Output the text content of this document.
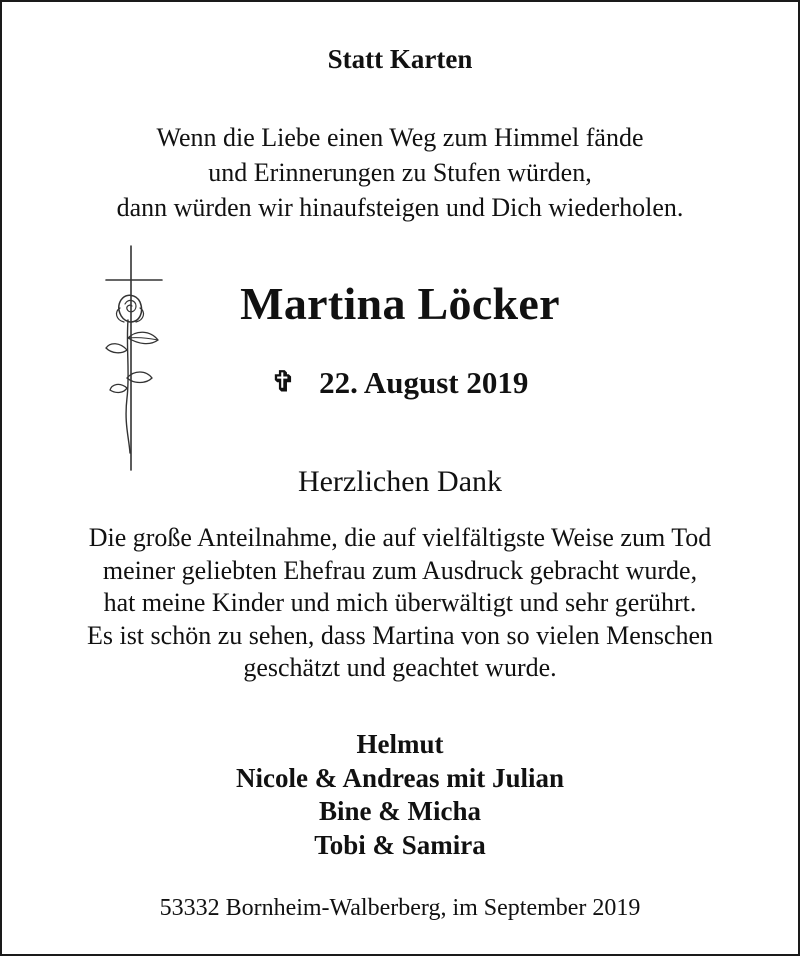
Statt Karten
Wenn die Liebe einen Weg zum Himmel fände
und Erinnerungen zu Stufen würden,
dann würden wir hinaufsteigen und Dich wiederholen.
Martina Löcker
✞ 22. August 2019
Herzlichen Dank
Die große Anteilnahme, die auf vielfältigste Weise zum Tod
meiner geliebten Ehefrau zum Ausdruck gebracht wurde,
hat meine Kinder und mich überwältigt und sehr gerührt.
Es ist schön zu sehen, dass Martina von so vielen Menschen
geschätzt und geachtet wurde.
Helmut
Nicole & Andreas mit Julian
Bine & Micha
Tobi & Samira
53332 Bornheim-Walberberg, im September 2019
